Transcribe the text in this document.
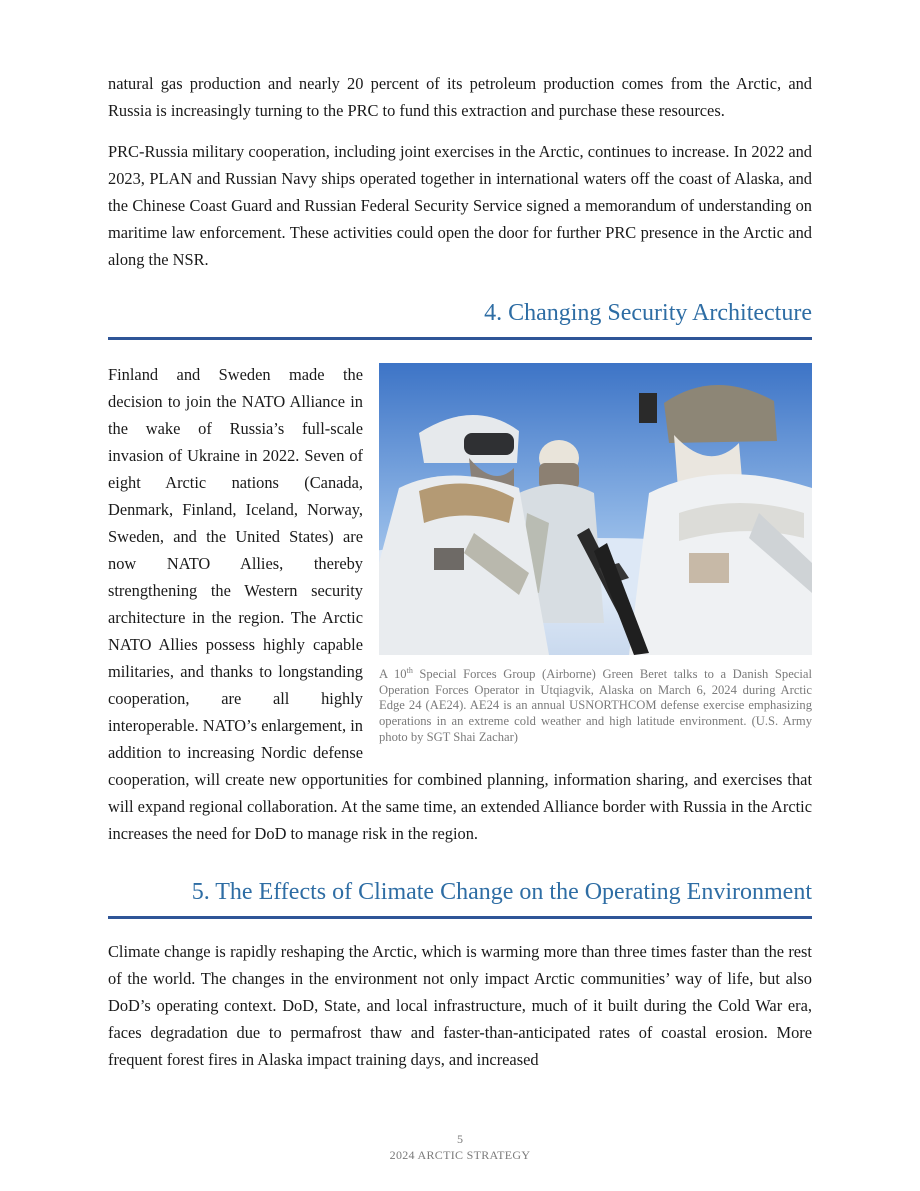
natural gas production and nearly 20 percent of its petroleum production comes from the Arctic, and Russia is increasingly turning to the PRC to fund this extraction and purchase these resources.

PRC-Russia military cooperation, including joint exercises in the Arctic, continues to increase. In 2022 and 2023, PLAN and Russian Navy ships operated together in international waters off the coast of Alaska, and the Chinese Coast Guard and Russian Federal Security Service signed a memorandum of understanding on maritime law enforcement. These activities could open the door for further PRC presence in the Arctic and along the NSR.

4. Changing Security Architecture
A 10th Special Forces Group (Airborne) Green Beret talks to a Danish Special Operation Forces Operator in Utqiagvik, Alaska on March 6, 2024 during Arctic Edge 24 (AE24). AE24 is an annual USNORTHCOM defense exercise emphasizing operations in an extreme cold weather and high latitude environment. (U.S. Army photo by SGT Shai Zachar)

Finland and Sweden made the decision to join the NATO Alliance in the wake of Russia’s full-scale invasion of Ukraine in 2022. Seven of eight Arctic nations (Canada, Denmark, Finland, Iceland, Norway, Sweden, and the United States) are now NATO Allies, thereby strengthening the Western security architecture in the region. The Arctic NATO Allies possess highly capable militaries, and thanks to longstanding cooperation, are all highly interoperable. NATO’s enlargement, in addition to increasing Nordic defense cooperation, will create new opportunities for combined planning, information sharing, and exercises that will expand regional collaboration. At the same time, an extended Alliance border with Russia in the Arctic increases the need for DoD to manage risk in the region.

5. The Effects of Climate Change on the Operating Environment

Climate change is rapidly reshaping the Arctic, which is warming more than three times faster than the rest of the world. The changes in the environment not only impact Arctic communities’ way of life, but also DoD’s operating context. DoD, State, and local infrastructure, much of it built during the Cold War era, faces degradation due to permafrost thaw and faster-than-anticipated rates of coastal erosion. More frequent forest fires in Alaska impact training days, and increased

5
2024 ARCTIC STRATEGY
